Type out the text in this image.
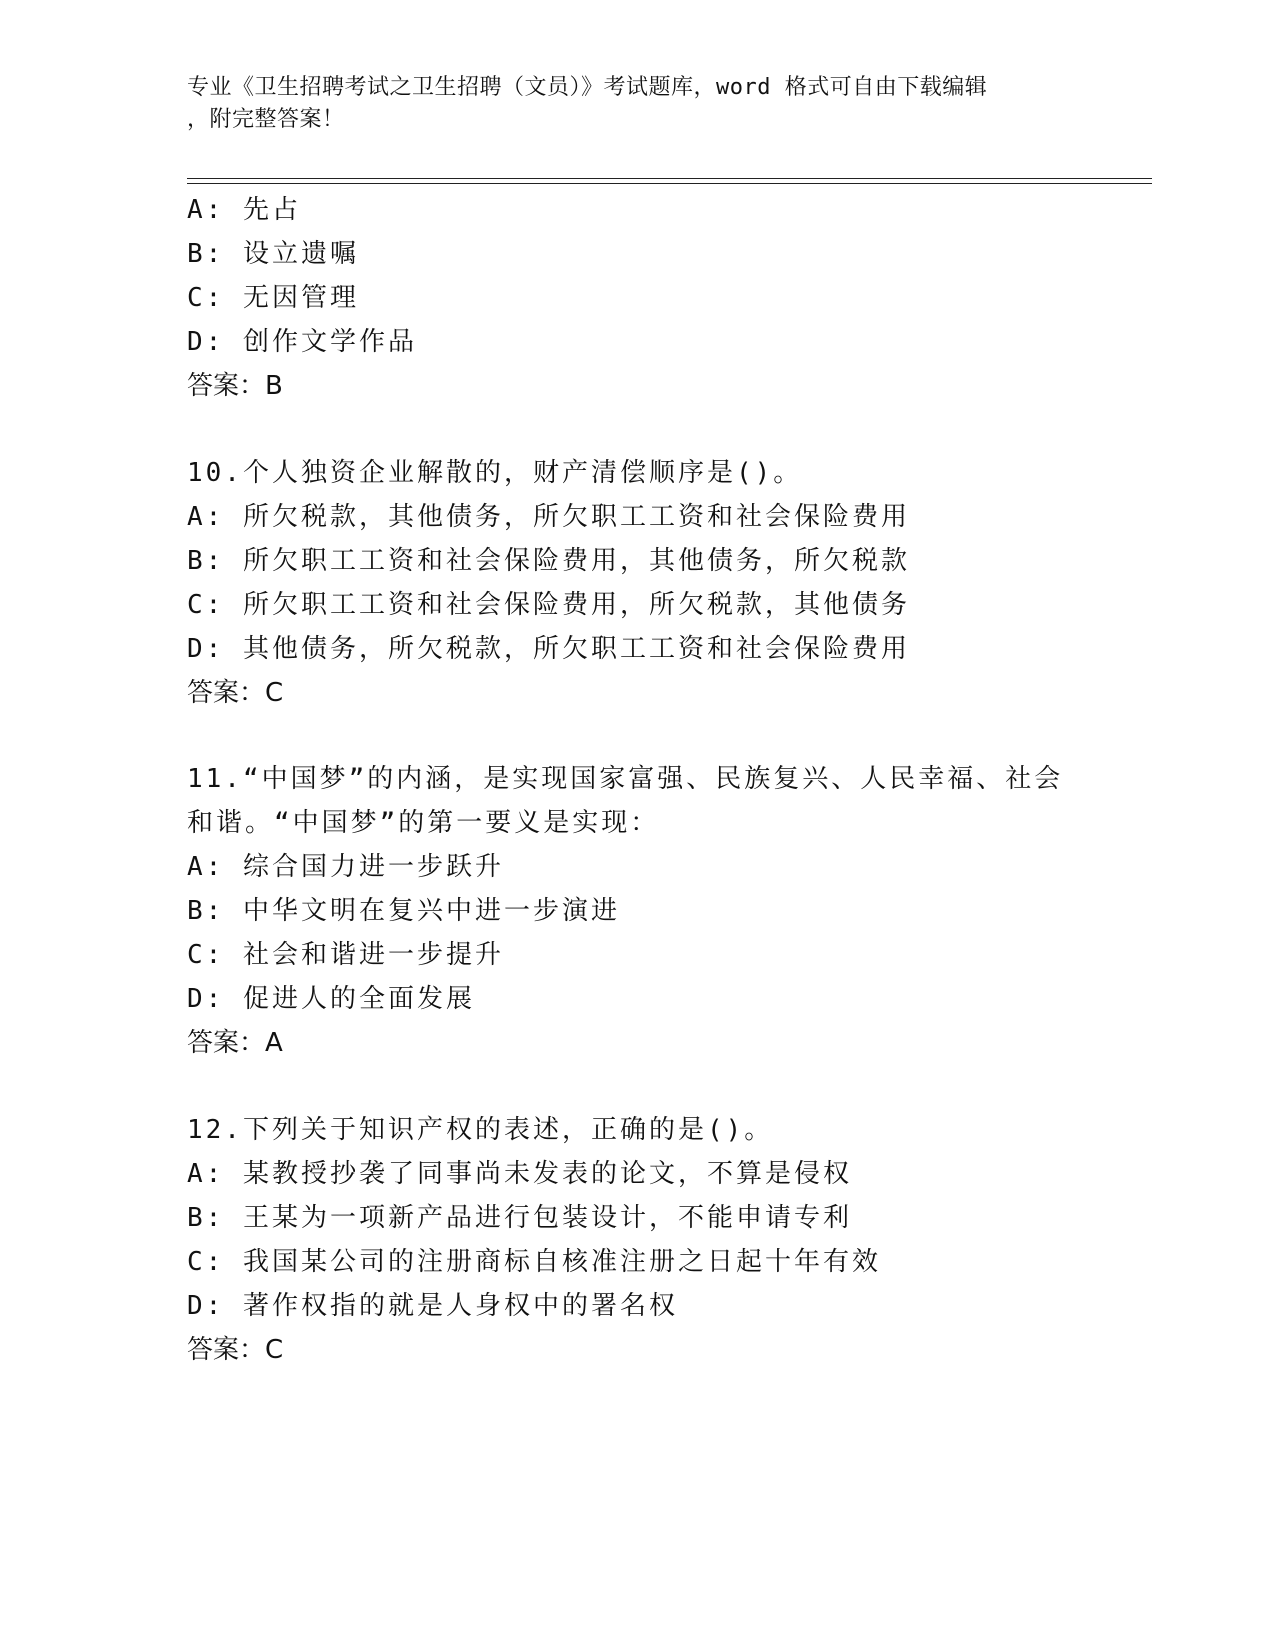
专业《卫生招聘考试之卫生招聘（文员）》考试题库，word 格式可自由下载编辑
，附完整答案！
A: 先占
B: 设立遗嘱
C: 无因管理
D: 创作文学作品
答案：B
10.个人独资企业解散的，财产清偿顺序是()。
A: 所欠税款，其他债务，所欠职工工资和社会保险费用
B: 所欠职工工资和社会保险费用，其他债务，所欠税款
C: 所欠职工工资和社会保险费用，所欠税款，其他债务
D: 其他债务，所欠税款，所欠职工工资和社会保险费用
答案：C
11.“中国梦”的内涵，是实现国家富强、民族复兴、人民幸福、社会
和谐。“中国梦”的第一要义是实现：
A: 综合国力进一步跃升
B: 中华文明在复兴中进一步演进
C: 社会和谐进一步提升
D: 促进人的全面发展
答案：A
12.下列关于知识产权的表述，正确的是()。
A: 某教授抄袭了同事尚未发表的论文，不算是侵权
B: 王某为一项新产品进行包装设计，不能申请专利
C: 我国某公司的注册商标自核准注册之日起十年有效
D: 著作权指的就是人身权中的署名权
答案：C
